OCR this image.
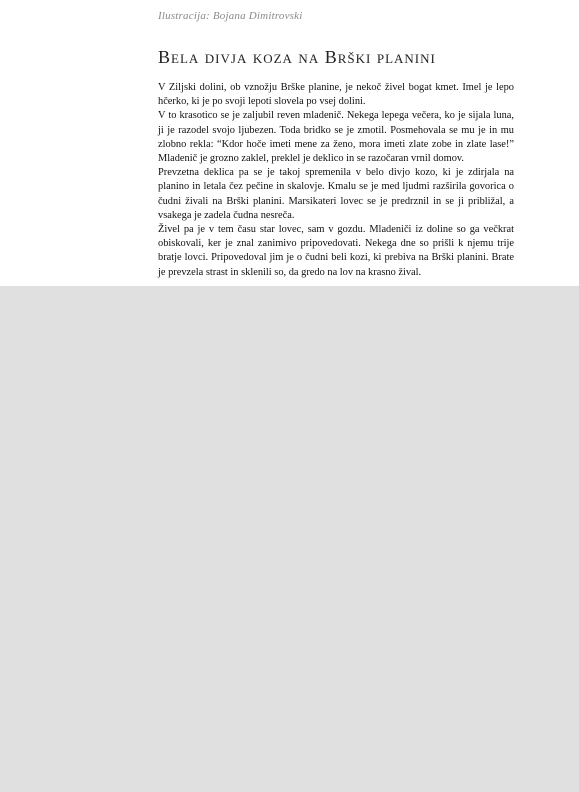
Ilustracija: Bojana Dimitrovski
Bela divja koza na Brški planini

V Ziljski dolini, ob vznožju Brške planine, je nekoč živel bogat kmet. Imel je lepo hčerko, ki je po svoji lepoti slovela po vsej dolini.

V to krasotico se je zaljubil reven mladenič. Nekega lepega večera, ko je sijala luna, ji je razodel svojo ljubezen. Toda bridko se je zmotil. Posmehovala se mu je in mu zlobno rekla: “Kdor hoče imeti mene za ženo, mora imeti zlate zobe in zlate lase!” Mladenič je grozno zaklel, preklel je deklico in se razočaran vrnil domov.

Prevzetna deklica pa se je takoj spremenila v belo divjo kozo, ki je zdirjala na planino in letala čez pečine in skalovje. Kmalu se je med ljudmi razširila govorica o čudni živali na Brški planini. Marsikateri lovec se je predrznil in se ji približal, a vsakega je zadela čudna nesreča.

Živel pa je v tem času star lovec, sam v gozdu. Mladeniči iz doline so ga večkrat obiskovali, ker je znal zanimivo pripovedovati. Nekega dne so prišli k njemu trije bratje lovci. Pripovedoval jim je o čudni beli kozi, ki prebiva na Brški planini. Brate je prevzela strast in sklenili so, da gredo na lov na krasno žival.
